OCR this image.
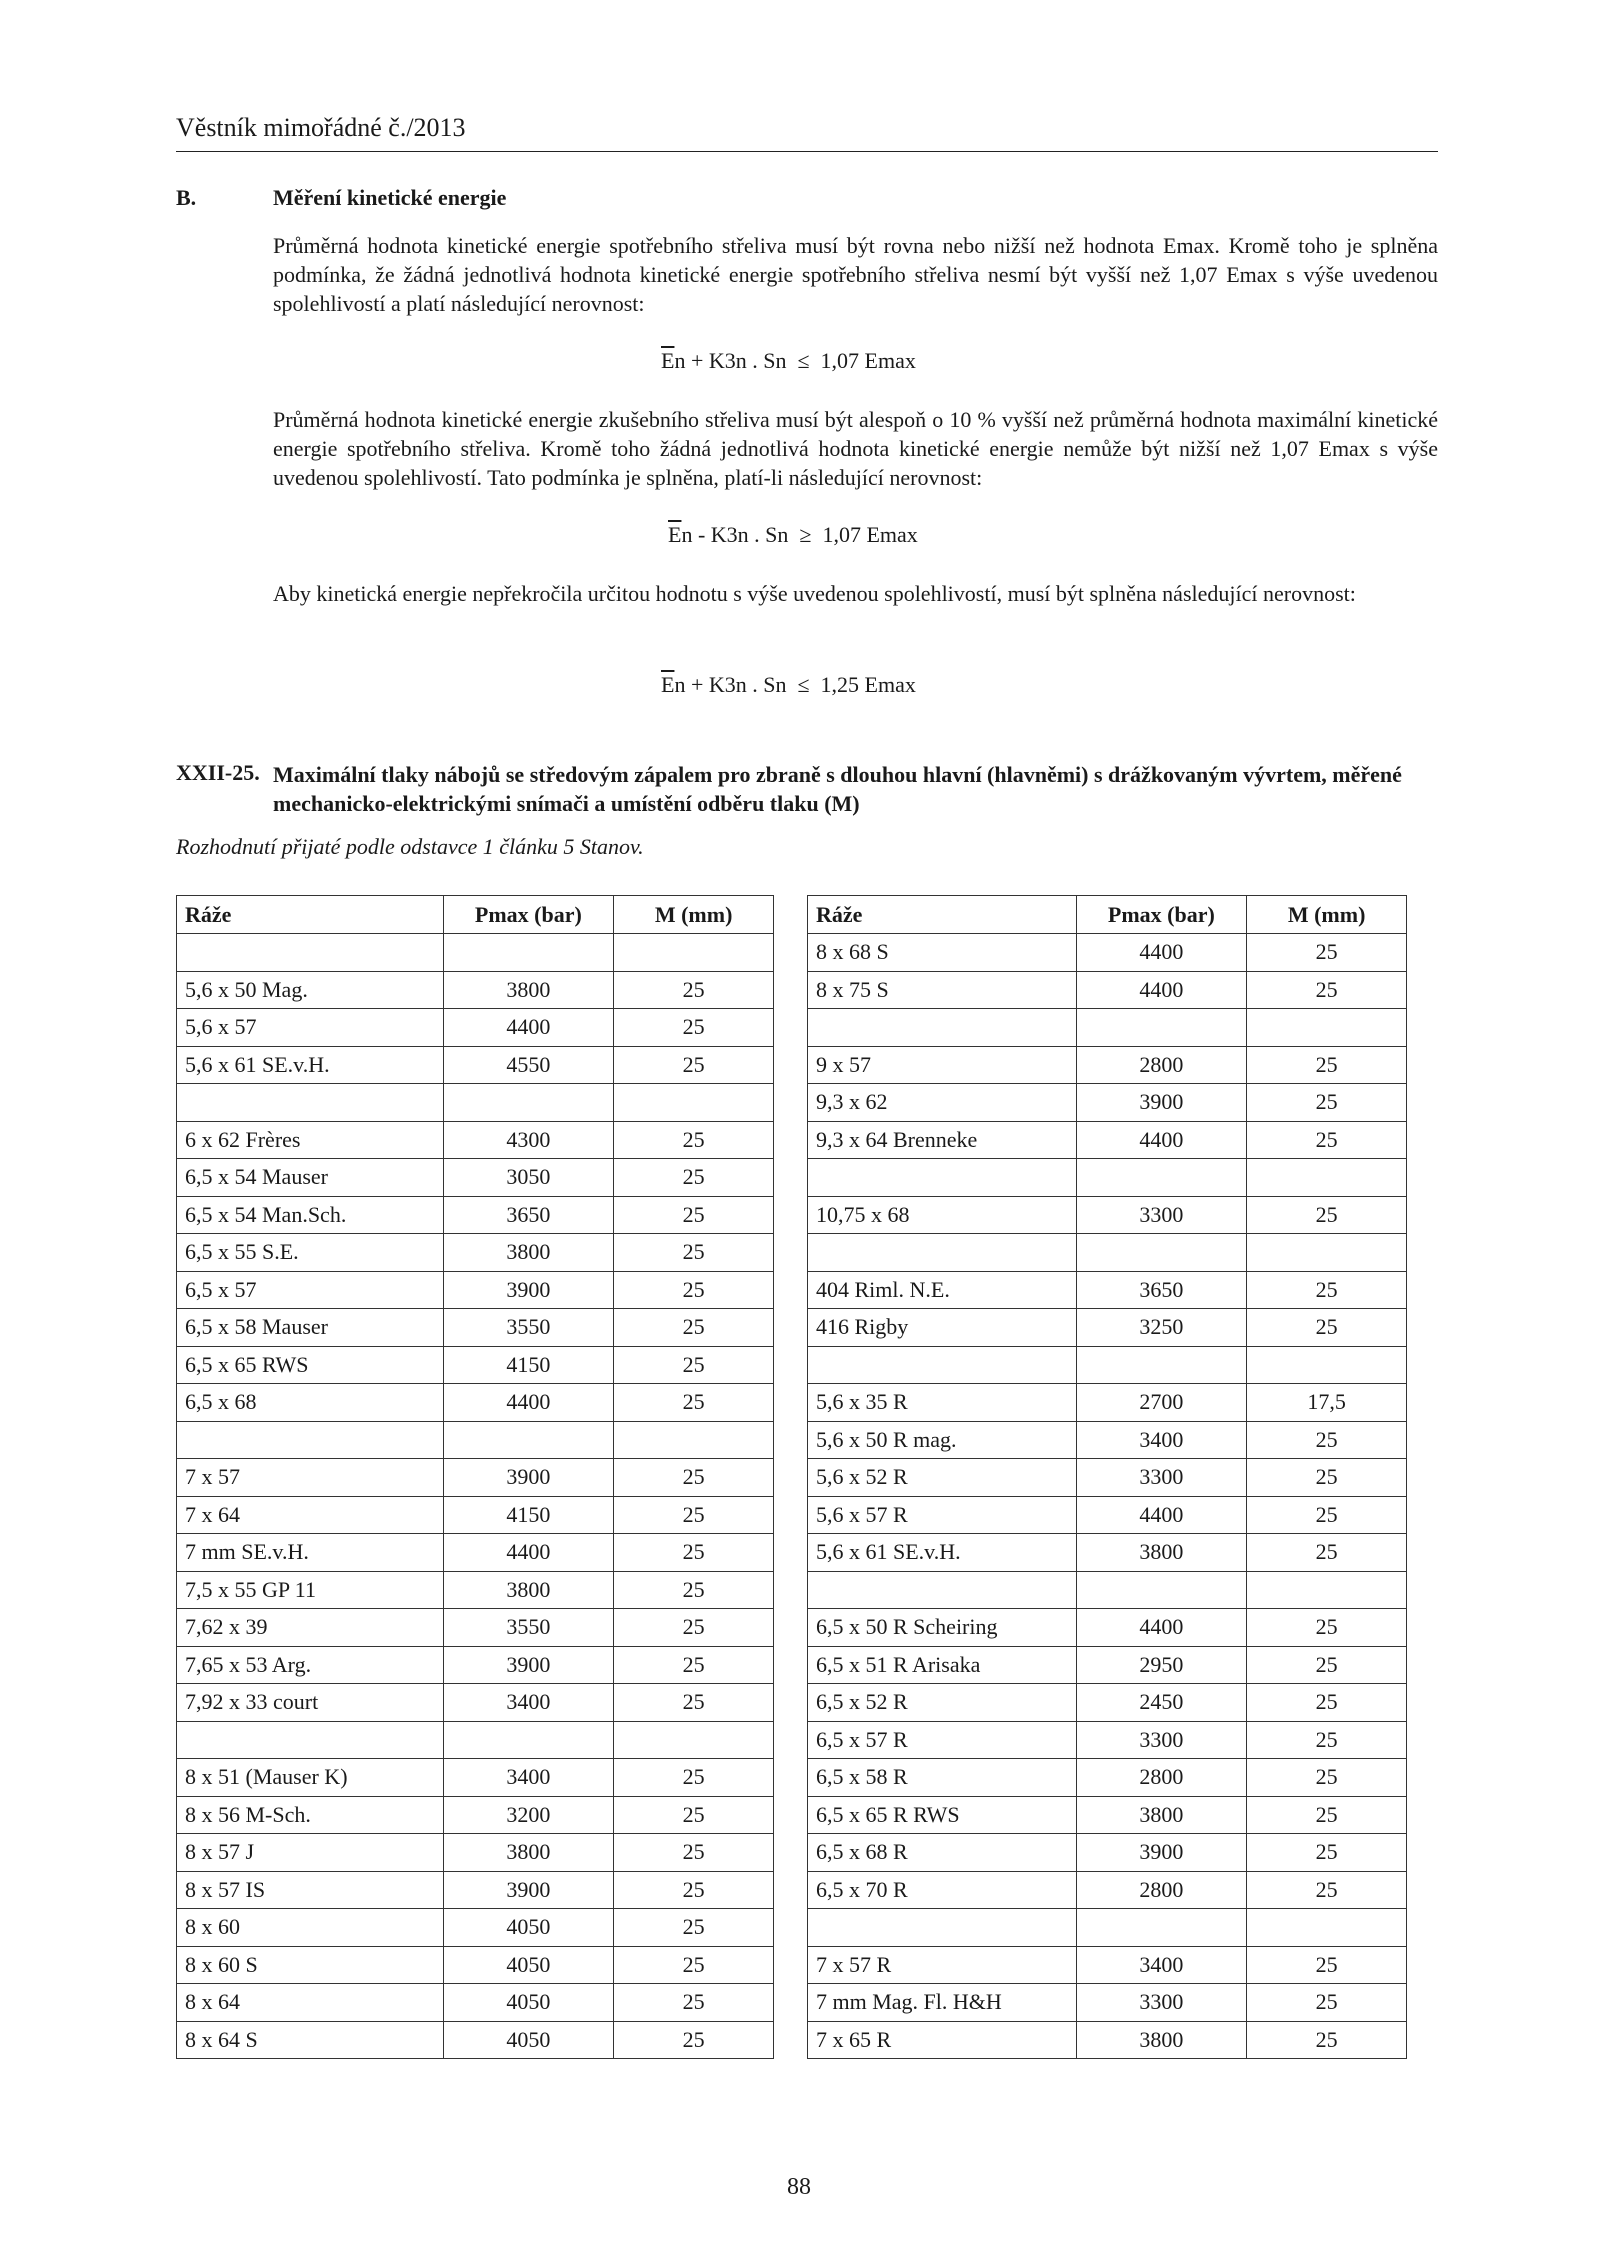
Věstník mimořádné č./2013
B.	Měření kinetické energie

Průměrná hodnota kinetické energie spotřebního střeliva musí být rovna nebo nižší než hodnota Emax. Kromě toho je splněna podmínka, že žádná jednotlivá hodnota kinetické energie spotřebního střeliva nesmí být vyšší než 1,07 Emax s výše uvedenou spolehlivostí a platí následující nerovnost:

$\overline{E}n + K3n$ . Sn  ≤  1,07 Emax

Průměrná hodnota kinetické energie zkušebního střeliva musí být alespoň o 10 % vyšší než průměrná hodnota maximální kinetické energie spotřebního střeliva. Kromě toho žádná jednotlivá hodnota kinetické energie nemůže být nižší než 1,07 Emax s výše uvedenou spolehlivostí. Tato podmínka je splněna, platí-li následující nerovnost:

$\overline{E}n - K3n$ . Sn  ≥  1,07 Emax

Aby kinetická energie nepřekročila určitou hodnotu s výše uvedenou spolehlivostí, musí být splněna následující nerovnost:

$\overline{E}n + K3n$ . Sn  ≤  1,25 Emax
XXII-25. Maximální tlaky nábojů se středovým zápalem pro zbraně s dlouhou hlavní (hlavněmi) s drážkovaným vývrtem, měřené mechanicko-elektrickými snímači a umístění odběru tlaku (M)

Rozhodnutí přijaté podle odstavce 1 článku 5 Stanov.
Ráže	Pmax (bar)	M (mm)

5,6 x 50 Mag.	3800	25
5,6 x 57	4400	25
5,6 x 61 SE.v.H.	4550	25

6 x 62 Frères	4300	25
6,5 x 54 Mauser	3050	25
6,5 x 54 Man.Sch.	3650	25
6,5 x 55 S.E.	3800	25
6,5 x 57	3900	25
6,5 x 58 Mauser	3550	25
6,5 x 65 RWS	4150	25
6,5 x 68	4400	25

7 x 57	3900	25
7 x 64	4150	25
7 mm SE.v.H.	4400	25
7,5 x 55 GP 11	3800	25
7,62 x 39	3550	25
7,65 x 53 Arg.	3900	25
7,92 x 33 court	3400	25

8 x 51 (Mauser K)	3400	25
8 x 56 M-Sch.	3200	25
8 x 57 J	3800	25
8 x 57 IS	3900	25
8 x 60	4050	25
8 x 60 S	4050	25
8 x 64	4050	25
8 x 64 S	4050	25
Ráže	Pmax (bar)	M (mm)
8 x 68 S	4400	25
8 x 75 S	4400	25

9 x 57	2800	25
9,3 x 62	3900	25
9,3 x 64 Brenneke	4400	25

10,75 x 68	3300	25

404 Riml. N.E.	3650	25
416 Rigby	3250	25

5,6 x 35 R	2700	17,5
5,6 x 50 R mag.	3400	25
5,6 x 52 R	3300	25
5,6 x 57 R	4400	25
5,6 x 61 SE.v.H.	3800	25

6,5 x 50 R Scheiring	4400	25
6,5 x 51 R Arisaka	2950	25
6,5 x 52 R	2450	25
6,5 x 57 R	3300	25
6,5 x 58 R	2800	25
6,5 x 65 R RWS	3800	25
6,5 x 68 R	3900	25
6,5 x 70 R	2800	25

7 x 57 R	3400	25
7 mm Mag. Fl. H&H	3300	25
7 x 65 R	3800	25
88
